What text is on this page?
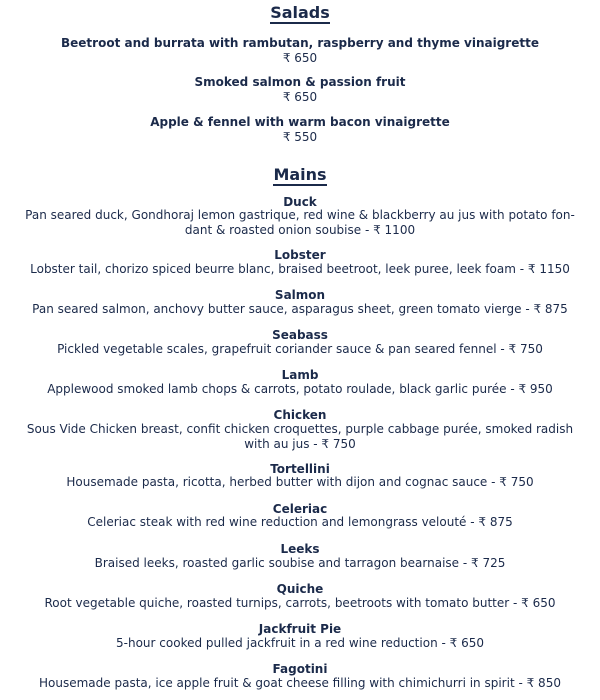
Salads
Beetroot and burrata with rambutan, raspberry and thyme vinaigrette
₹ 650
Smoked salmon & passion fruit
₹ 650
Apple & fennel with warm bacon vinaigrette
₹ 550
Mains
Duck
Pan seared duck, Gondhoraj lemon gastrique, red wine & blackberry au jus with potato fon-dant & roasted onion soubise - ₹ 1100
Lobster
Lobster tail, chorizo spiced beurre blanc, braised beetroot, leek puree, leek foam - ₹ 1150
Salmon
Pan seared salmon, anchovy butter sauce, asparagus sheet, green tomato vierge - ₹ 875
Seabass
Pickled vegetable scales, grapefruit coriander sauce & pan seared fennel - ₹ 750
Lamb
Applewood smoked lamb chops & carrots, potato roulade, black garlic purée - ₹ 950
Chicken
Sous Vide Chicken breast, confit chicken croquettes, purple cabbage purée, smoked radish with au jus - ₹ 750
Tortellini
Housemade pasta, ricotta, herbed butter with dijon and cognac sauce - ₹ 750
Celeriac
Celeriac steak with red wine reduction and lemongrass velouté - ₹ 875
Leeks
Braised leeks, roasted garlic soubise and tarragon bearnaise - ₹ 725
Quiche
Root vegetable quiche, roasted turnips, carrots, beetroots with tomato butter - ₹ 650
Jackfruit Pie
5-hour cooked pulled jackfruit in a red wine reduction - ₹ 650
Fagotini
Housemade pasta, ice apple fruit & goat cheese filling with chimichurri in spirit - ₹ 850
